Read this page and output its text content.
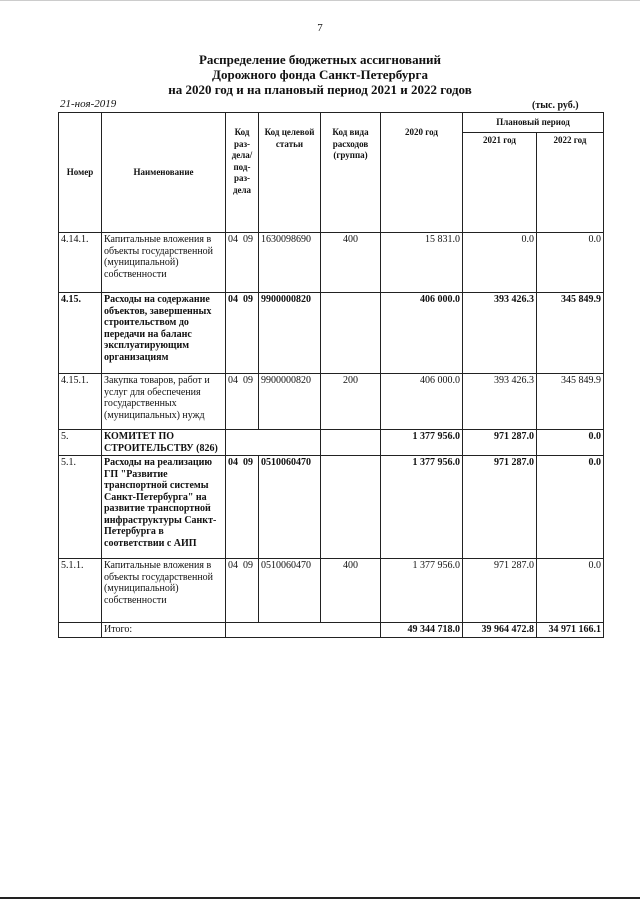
7
Распределение бюджетных ассигнований
Дорожного фонда Санкт-Петербурга
на 2020 год и на плановый период 2021 и 2022 годов
21-ноя-2019	(тыс. руб.)
Номер	Наименование	Код раз-дела/ под-раз-дела	Код целевой статьи	Код вида расходов (группа)	2020 год	Плановый период	
						2021 год	2022 год
4.14.1.	Капитальные вложения в объекты государственной (муниципальной) собственности	04 09	1630098690	400	15 831.0	0.0	0.0
4.15.	Расходы на содержание объектов, завершенных строительством до передачи на баланс эксплуатирующим организациям	04 09	9900000820		406 000.0	393 426.3	345 849.9
4.15.1.	Закупка товаров, работ и услуг для обеспечения государственных (муниципальных) нужд	04 09	9900000820	200	406 000.0	393 426.3	345 849.9
5.	КОМИТЕТ ПО СТРОИТЕЛЬСТВУ (826)				1 377 956.0	971 287.0	0.0
5.1.	Расходы на реализацию ГП "Развитие транспортной системы Санкт-Петербурга" на развитие транспортной инфраструктуры Санкт-Петербурга в соответствии с АИП	04 09	0510060470		1 377 956.0	971 287.0	0.0
5.1.1.	Капитальные вложения в объекты государственной (муниципальной) собственности	04 09	0510060470	400	1 377 956.0	971 287.0	0.0
	Итого:				49 344 718.0	39 964 472.8	34 971 166.1
